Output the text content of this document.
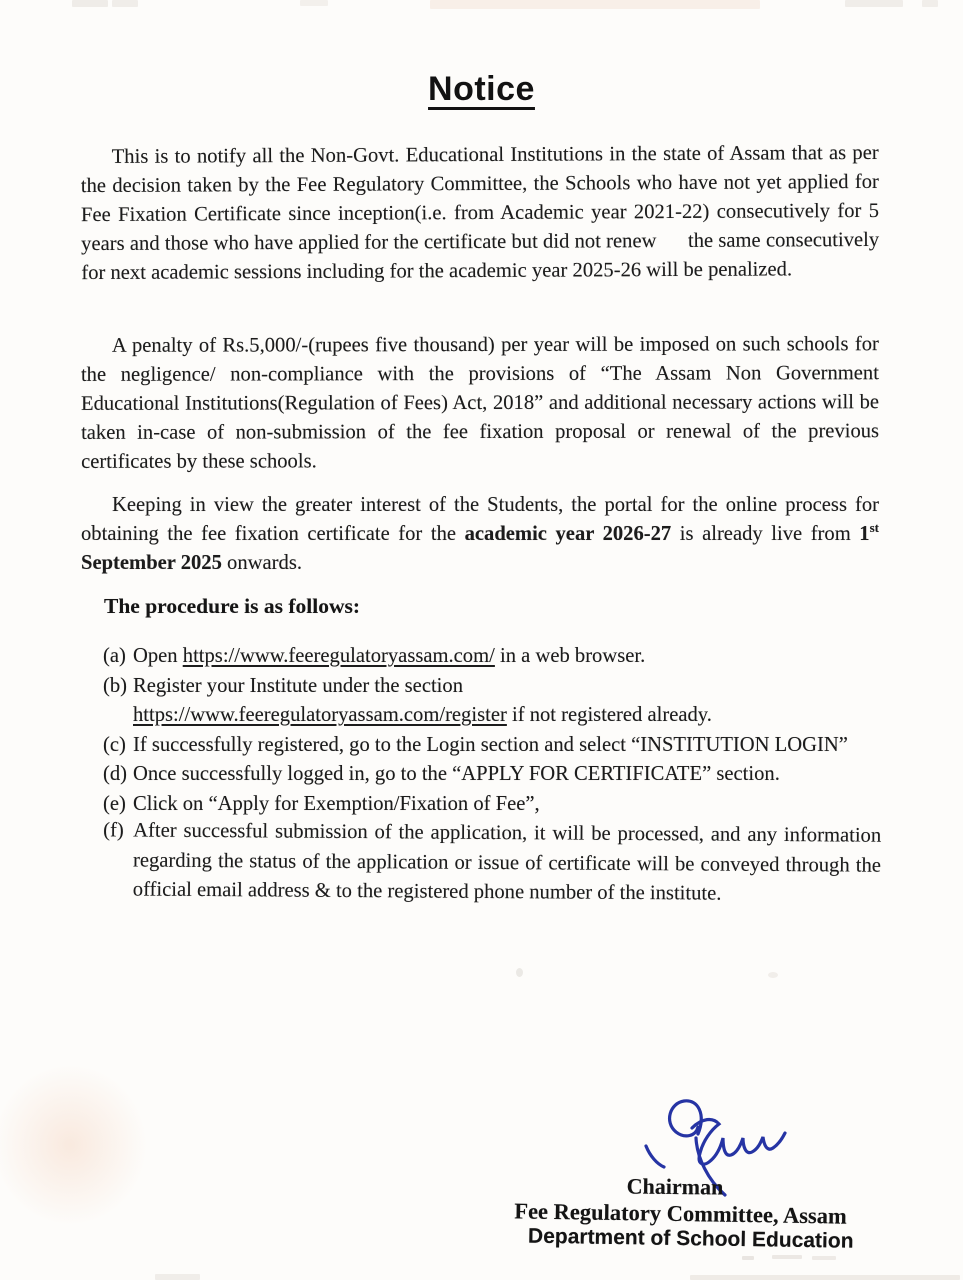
Notice
This is to notify all the Non-Govt. Educational Institutions in the state of Assam that as per the decision taken by the Fee Regulatory Committee, the Schools who have not yet applied for Fee Fixation Certificate since inception(i.e. from Academic year 2021-22) consecutively for 5 years and those who have applied for the certificate but did not renew      the same consecutively for next academic sessions including for the academic year 2025-26 will be penalized.
A penalty of Rs.5,000/-(rupees five thousand) per year will be imposed on such schools for the negligence/ non-compliance with the provisions of “The Assam Non Government Educational Institutions(Regulation of Fees) Act, 2018” and additional necessary actions will be taken in-case of non-submission of the fee fixation proposal or renewal of the previous certificates by these schools.
Keeping in view the greater interest of the Students, the portal for the online process for obtaining the fee fixation certificate for the academic year 2026-27 is already live from 1st September 2025 onwards.
The procedure is as follows:
(a) Open https://www.feeregulatoryassam.com/ in a web browser.
(b) Register your Institute under the section
https://www.feeregulatoryassam.com/register if not registered already.
(c) If successfully registered, go to the Login section and select “INSTITUTION LOGIN”
(d) Once successfully logged in, go to the “APPLY FOR CERTIFICATE” section.
(e) Click on “Apply for Exemption/Fixation of Fee”,
(f) After successful submission of the application, it will be processed, and any information regarding the status of the application or issue of certificate will be conveyed through the official email address & to the registered phone number of the institute.
Chairman
Fee Regulatory Committee, Assam
Department of School Education
